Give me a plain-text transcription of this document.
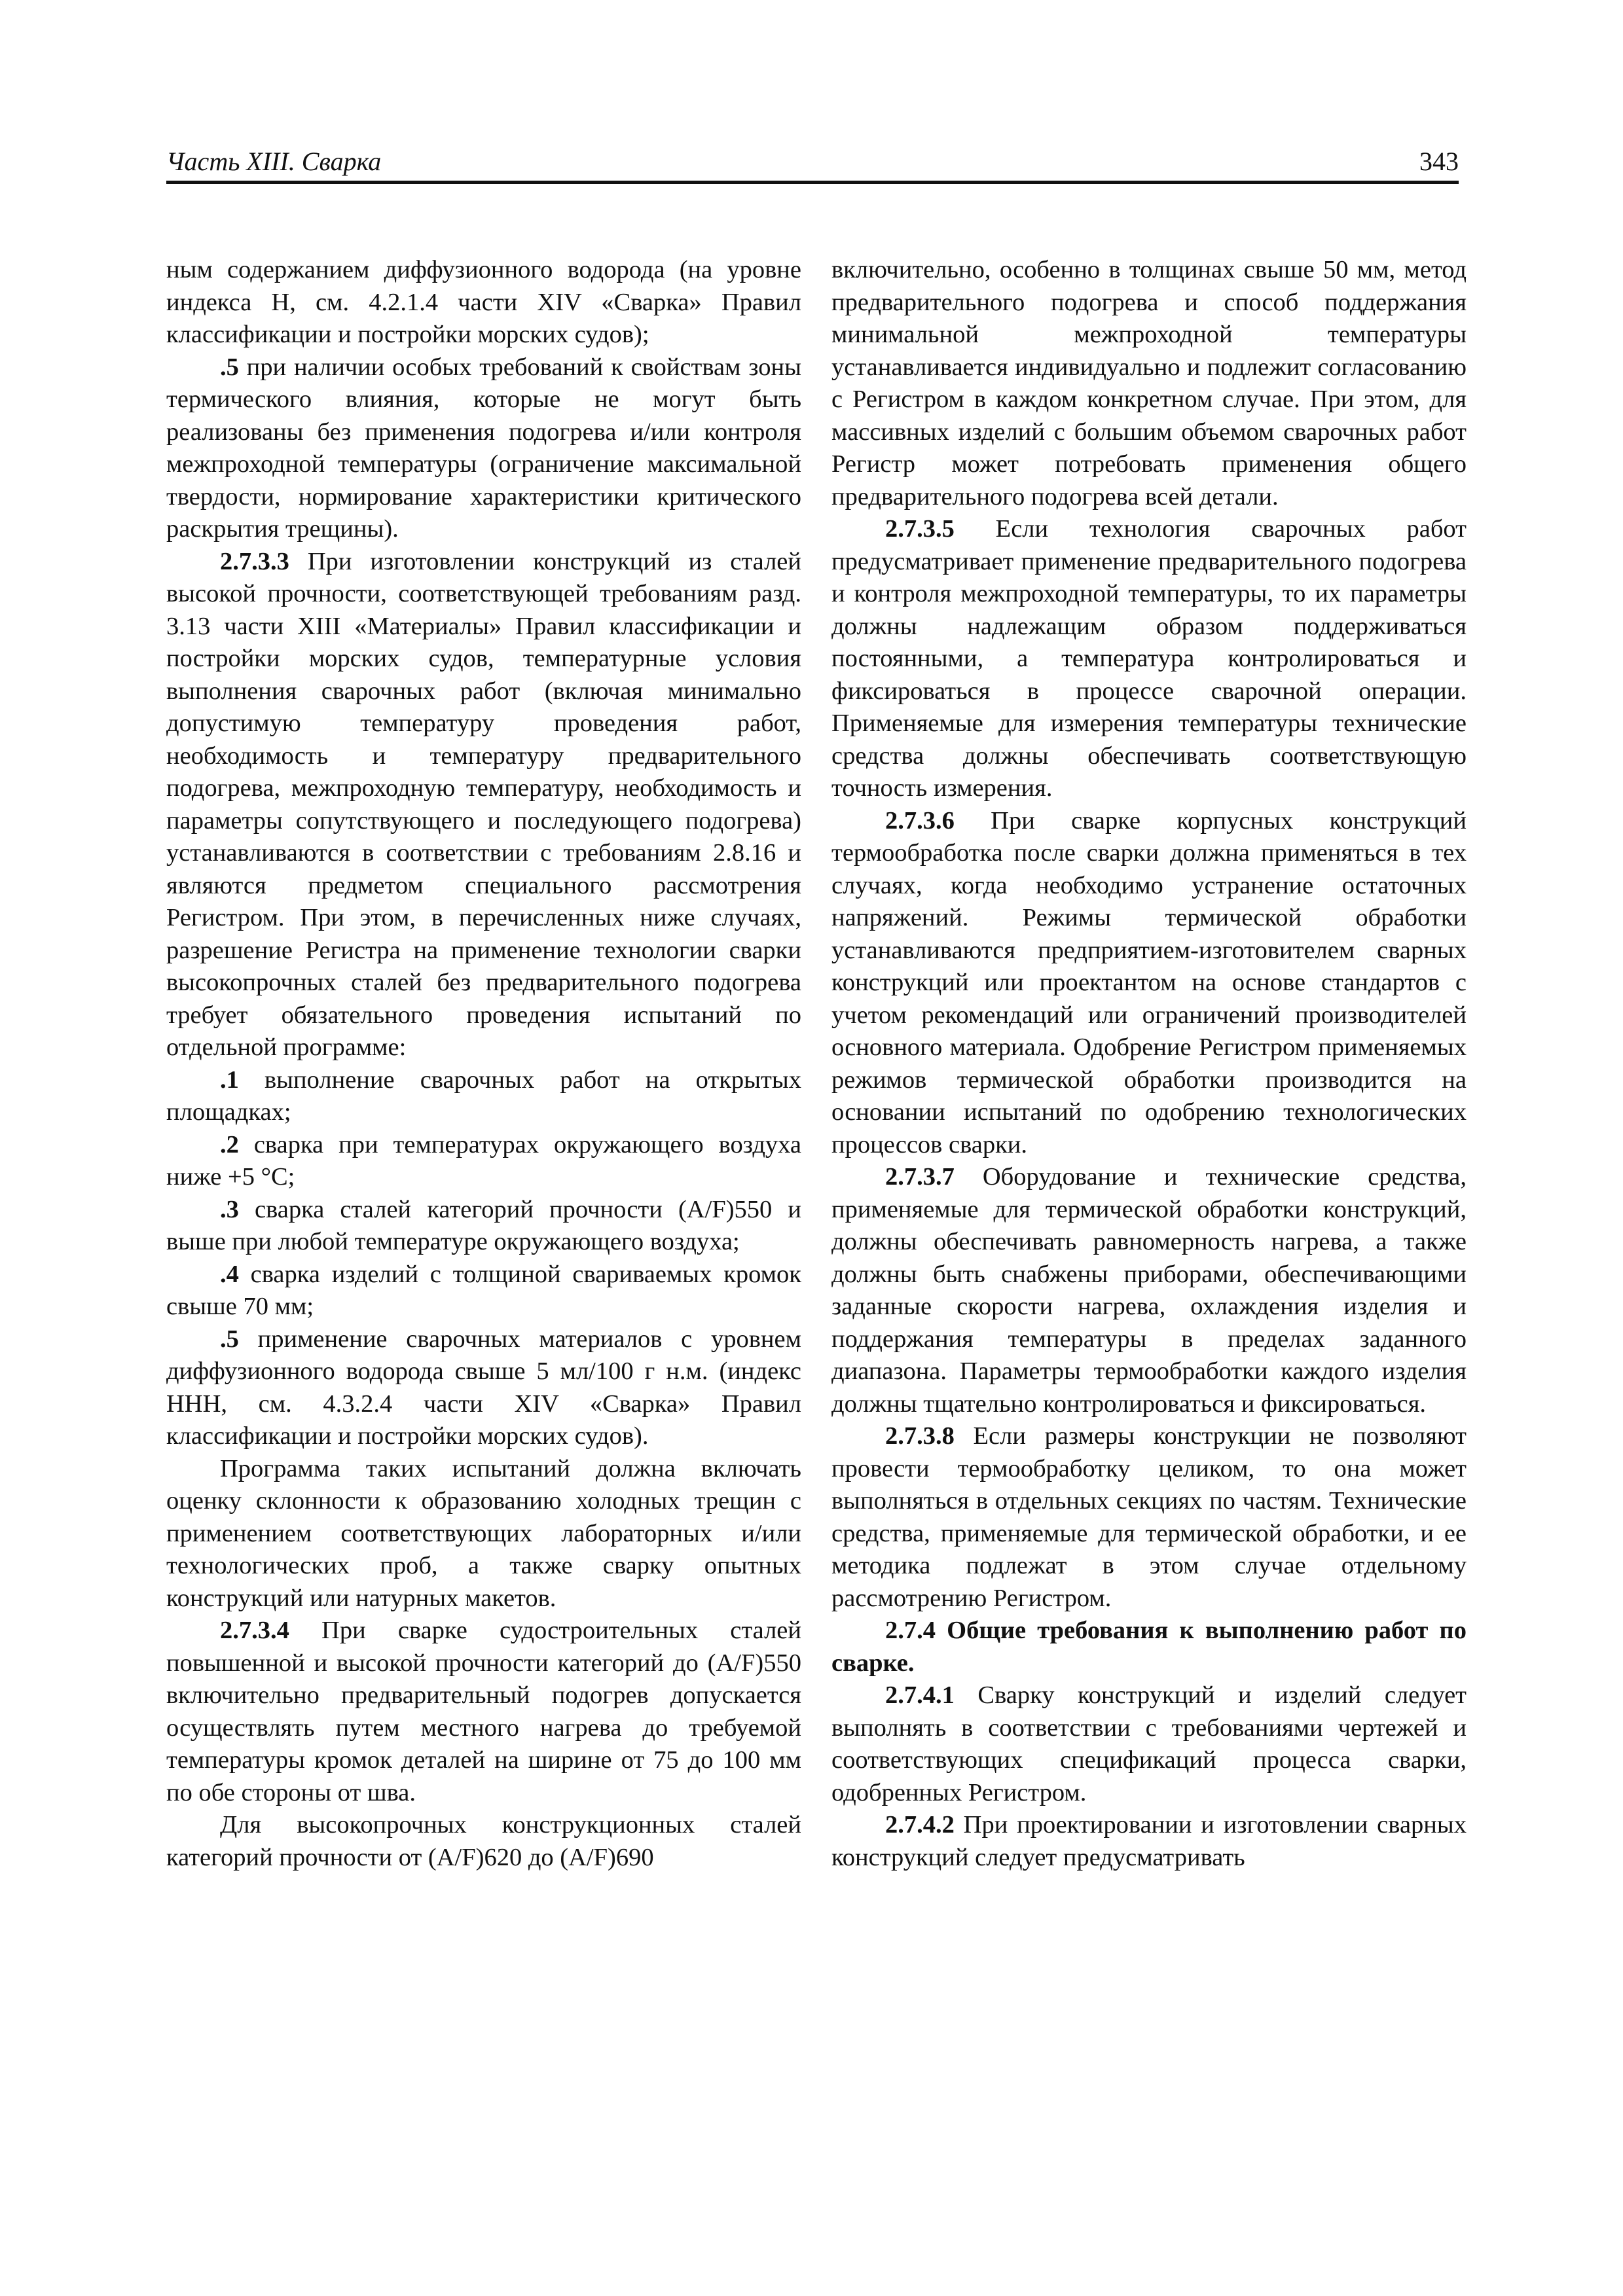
Часть XIII. Сварка	343

ным содержанием диффузионного водорода (на уровне индекса H, см. 4.2.1.4 части XIV «Сварка» Правил классификации и постройки морских судов);

.5 при наличии особых требований к свойствам зоны термического влияния, которые не могут быть реализованы без применения подогрева и/или контроля межпроходной температуры (ограничение максимальной твердости, нормирование характеристики критического раскрытия трещины).

2.7.3.3 При изготовлении конструкций из сталей высокой прочности, соответствующей требованиям разд. 3.13 части XIII «Материалы» Правил классификации и постройки морских судов, температурные условия выполнения сварочных работ (включая минимально допустимую температуру проведения работ, необходимость и температуру предварительного подогрева, межпроходную температуру, необходимость и параметры сопутствующего и последующего подогрева) устанавливаются в соответствии с требованиям 2.8.16 и являются предметом специального рассмотрения Регистром. При этом, в перечисленных ниже случаях, разрешение Регистра на применение технологии сварки высокопрочных сталей без предварительного подогрева требует обязательного проведения испытаний по отдельной программе:

.1 выполнение сварочных работ на открытых площадках;

.2 сварка при температурах окружающего воздуха ниже +5 °С;

.3 сварка сталей категорий прочности (A/F)550 и выше при любой температуре окружающего воздуха;

.4 сварка изделий с толщиной свариваемых кромок свыше 70 мм;

.5 применение сварочных материалов с уровнем диффузионного водорода свыше 5 мл/100 г н.м. (индекс HHH, см. 4.3.2.4 части XIV «Сварка» Правил классификации и постройки морских судов).

Программа таких испытаний должна включать оценку склонности к образованию холодных трещин с применением соответствующих лабораторных и/или технологических проб, а также сварку опытных конструкций или натурных макетов.

2.7.3.4 При сварке судостроительных сталей повышенной и высокой прочности категорий до (A/F)550 включительно предварительный подогрев допускается осуществлять путем местного нагрева до требуемой температуры кромок деталей на ширине от 75 до 100 мм по обе стороны от шва.

Для высокопрочных конструкционных сталей категорий прочности от (A/F)620 до (A/F)690

включительно, особенно в толщинах свыше 50 мм, метод предварительного подогрева и способ поддержания минимальной межпроходной температуры устанавливается индивидуально и подлежит согласованию с Регистром в каждом конкретном случае. При этом, для массивных изделий с большим объемом сварочных работ Регистр может потребовать применения общего предварительного подогрева всей детали.

2.7.3.5 Если технология сварочных работ предусматривает применение предварительного подогрева и контроля межпроходной температуры, то их параметры должны надлежащим образом поддерживаться постоянными, а температура контролироваться и фиксироваться в процессе сварочной операции. Применяемые для измерения температуры технические средства должны обеспечивать соответствующую точность измерения.

2.7.3.6 При сварке корпусных конструкций термообработка после сварки должна применяться в тех случаях, когда необходимо устранение остаточных напряжений. Режимы термической обработки устанавливаются предприятием-изготовителем сварных конструкций или проектантом на основе стандартов с учетом рекомендаций или ограничений производителей основного материала. Одобрение Регистром применяемых режимов термической обработки производится на основании испытаний по одобрению технологических процессов сварки.

2.7.3.7 Оборудование и технические средства, применяемые для термической обработки конструкций, должны обеспечивать равномерность нагрева, а также должны быть снабжены приборами, обеспечивающими заданные скорости нагрева, охлаждения изделия и поддержания температуры в пределах заданного диапазона. Параметры термообработки каждого изделия должны тщательно контролироваться и фиксироваться.

2.7.3.8 Если размеры конструкции не позволяют провести термообработку целиком, то она может выполняться в отдельных секциях по частям. Технические средства, применяемые для термической обработки, и ее методика подлежат в этом случае отдельному рассмотрению Регистром.

2.7.4 Общие требования к выполнению работ по сварке.

2.7.4.1 Сварку конструкций и изделий следует выполнять в соответствии с требованиями чертежей и соответствующих спецификаций процесса сварки, одобренных Регистром.

2.7.4.2 При проектировании и изготовлении сварных конструкций следует предусматривать
